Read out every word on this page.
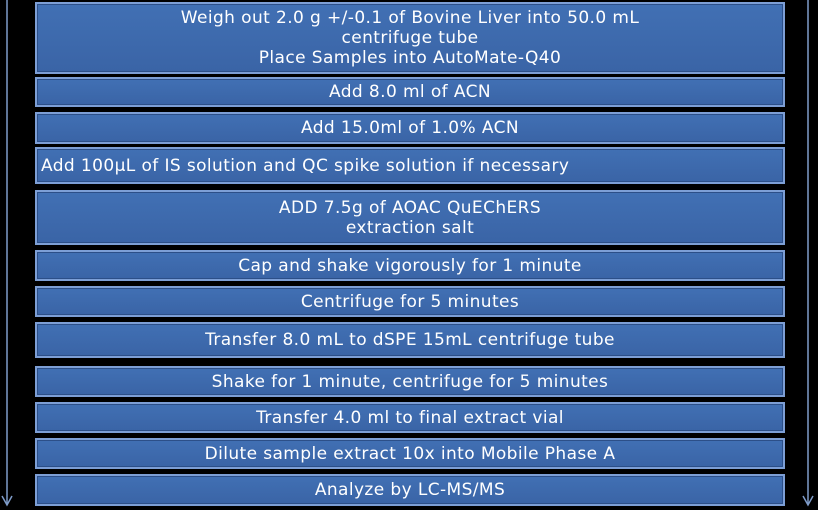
Weigh out 2.0 g +/-0.1 of Bovine Liver into 50.0 mL
centrifuge tube
Place Samples into AutoMate-Q40
Add 8.0 ml of ACN
Add 15.0ml of 1.0% ACN
Add 100µL of IS solution and QC spike solution if necessary
ADD 7.5g of AOAC QuEChERS
extraction salt
Cap and shake vigorously for 1 minute
Centrifuge for 5 minutes
Transfer 8.0 mL to dSPE 15mL centrifuge tube
Shake for 1 minute, centrifuge for 5 minutes
Transfer 4.0 ml to final extract vial
Dilute sample extract 10x into Mobile Phase A
Analyze by LC-MS/MS
